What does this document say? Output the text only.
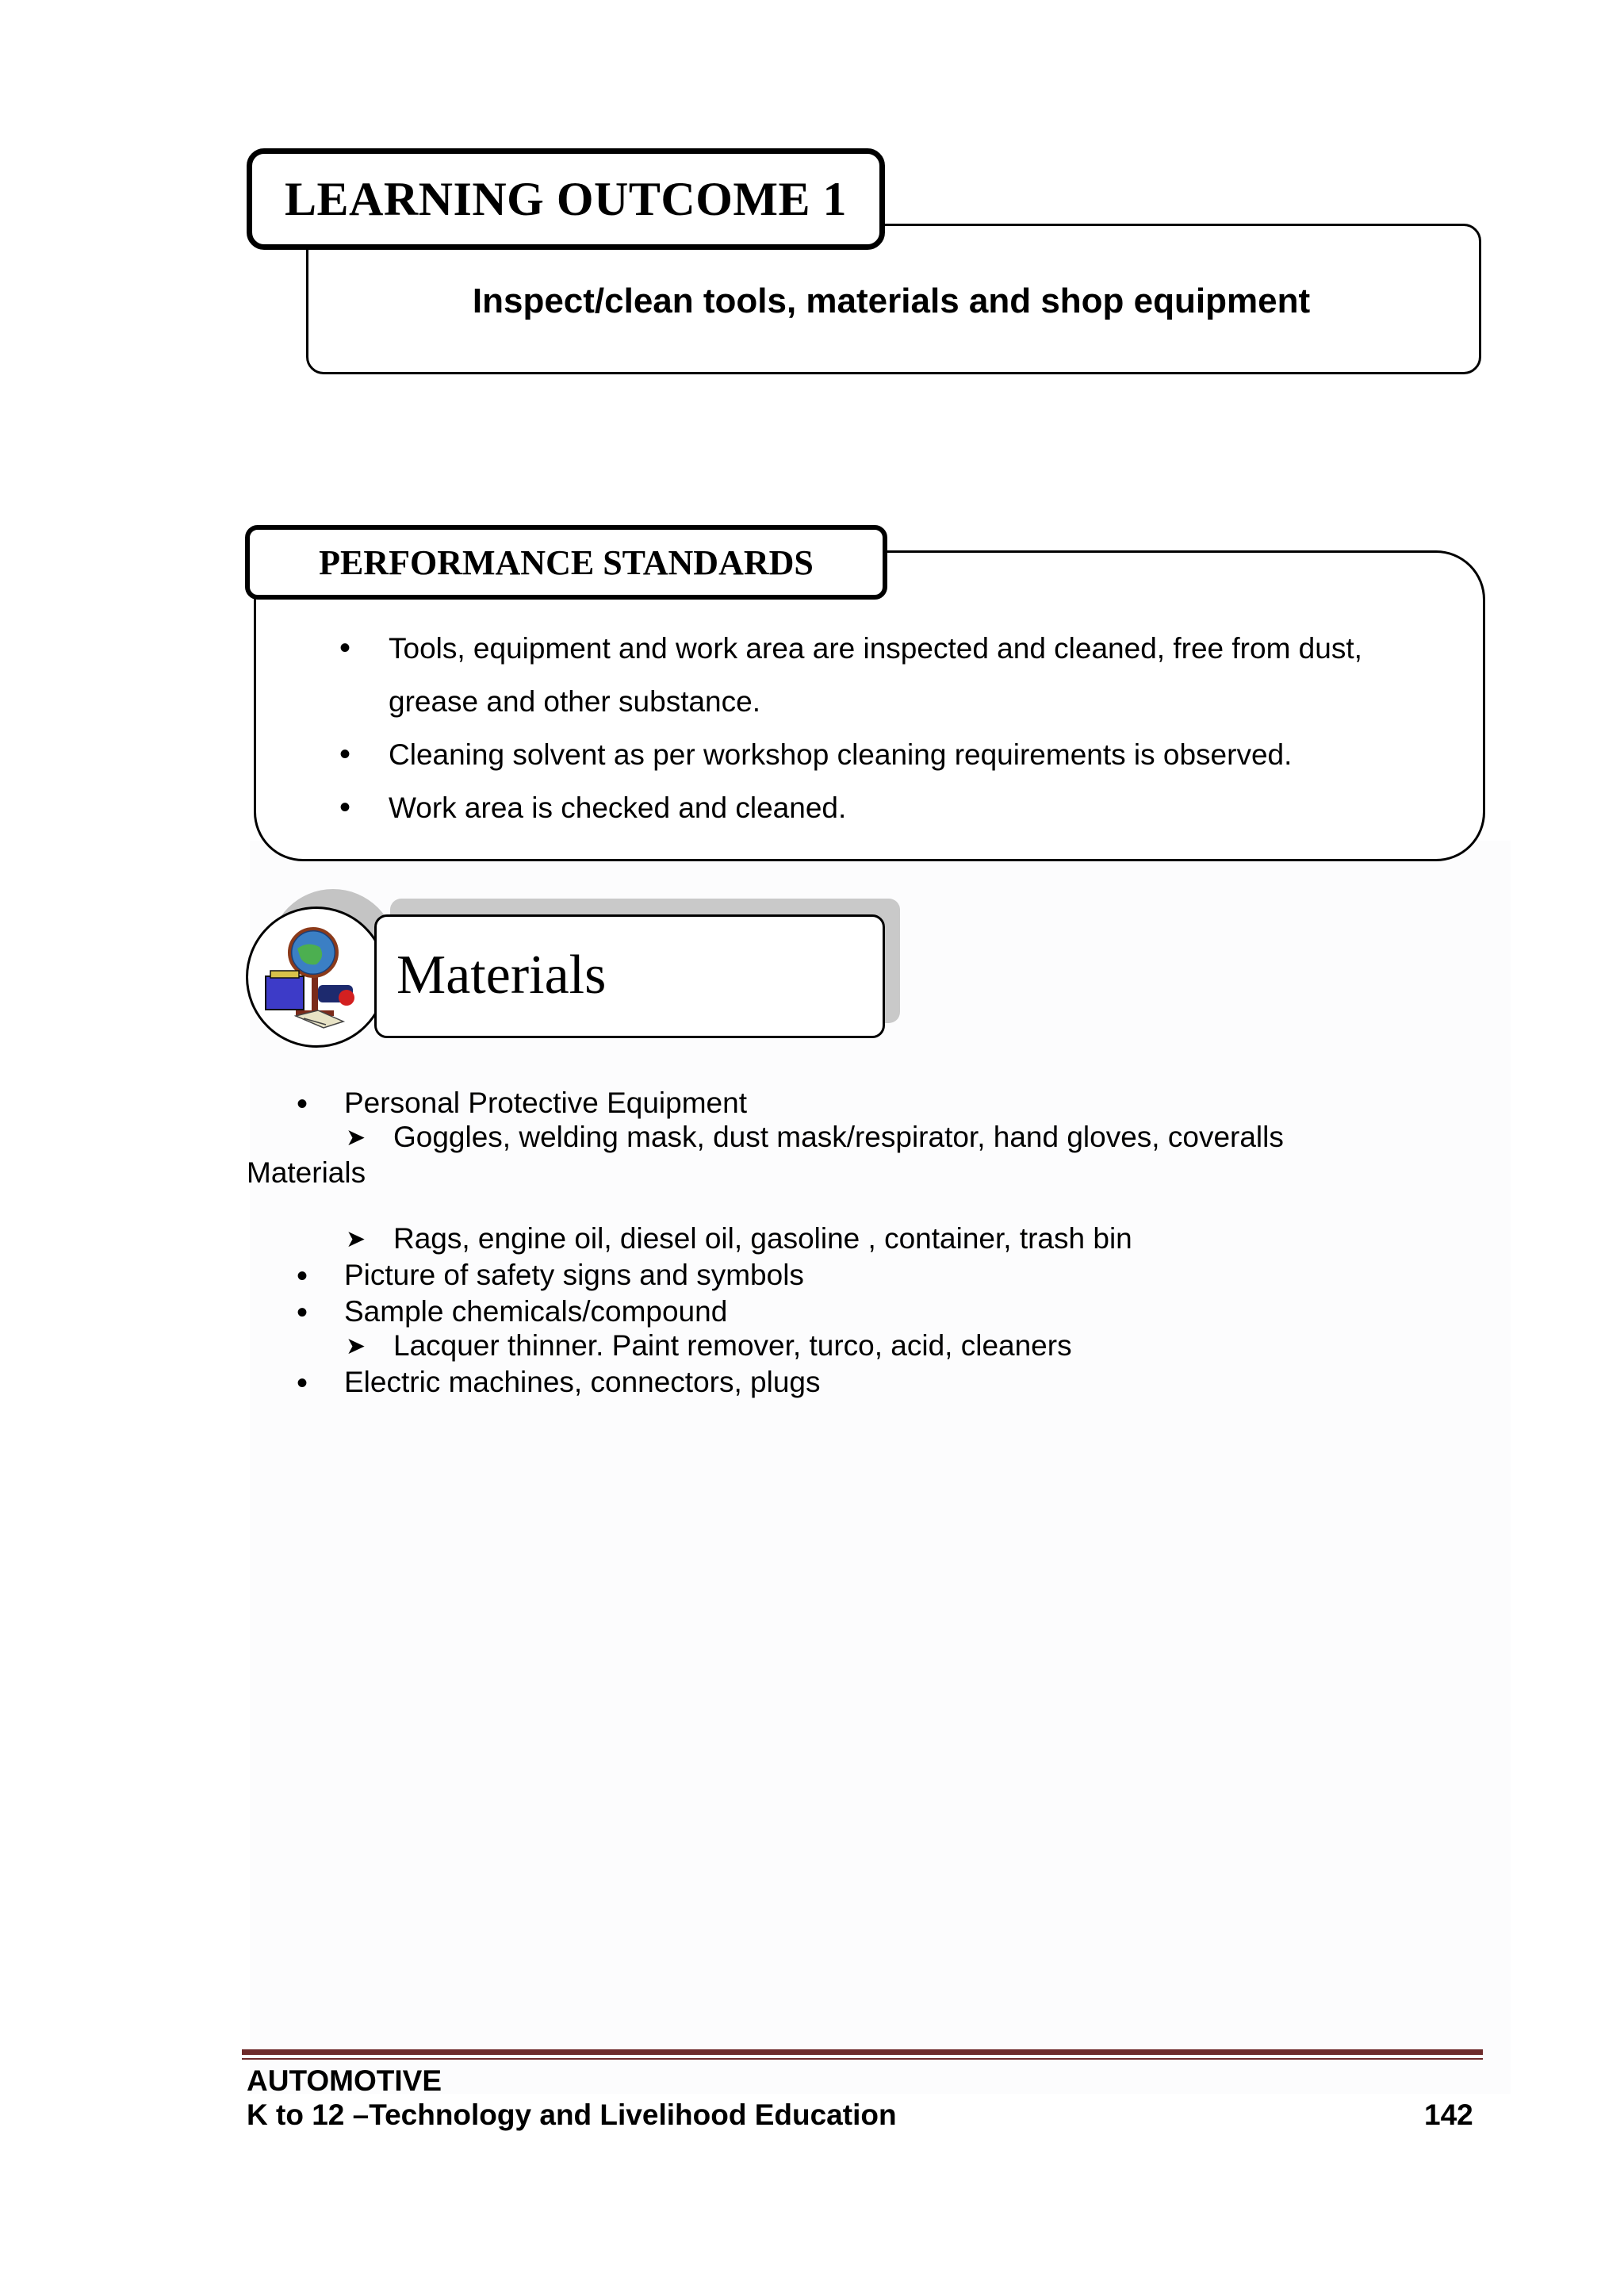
LEARNING OUTCOME 1
Inspect/clean tools, materials and shop equipment
PERFORMANCE STANDARDS
• Tools, equipment and work area are inspected and cleaned, free from dust,
grease and other substance.
• Cleaning solvent as per workshop cleaning requirements is observed.
• Work area is checked and cleaned.
Materials
• Personal Protective Equipment
➤ Goggles, welding mask, dust mask/respirator, hand gloves, coveralls
Materials
➤ Rags, engine oil, diesel oil, gasoline , container, trash bin
• Picture of safety signs and symbols
• Sample chemicals/compound
➤ Lacquer thinner. Paint remover, turco, acid, cleaners
• Electric machines, connectors, plugs
AUTOMOTIVE
K to 12 –Technology and Livelihood Education	142
